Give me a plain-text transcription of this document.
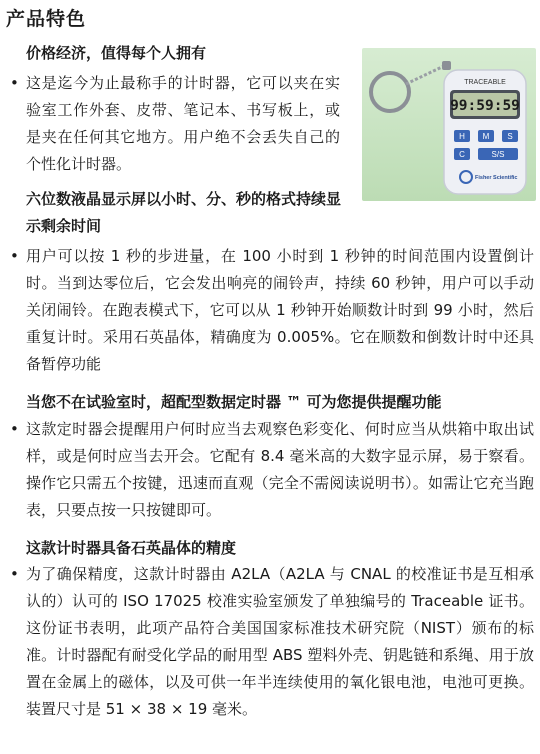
产品特色
价格经济，值得每个人拥有
• 这是迄今为止最称手的计时器，它可以夹在实验室工作外套、皮带、笔记本、书写板上，或是夹在任何其它地方。用户绝不会丢失自己的个性化计时器。
TRACEABLE
99:59:59
H M S
C	S/S
Fisher Scientific
六位数液晶显示屏以小时、分、秒的格式持续显示剩余时间
• 用户可以按 1 秒的步进量，在 100 小时到 1 秒钟的时间范围内设置倒计时。当到达零位后，它会发出响亮的闹铃声，持续 60 秒钟，用户可以手动关闭闹铃。在跑表模式下，它可以从 1 秒钟开始顺数计时到 99 小时，然后重复计时。采用石英晶体，精确度为 0.005%。它在顺数和倒数计时中还具备暂停功能
当您不在试验室时，超配型数据定时器 ™ 可为您提供提醒功能
• 这款定时器会提醒用户何时应当去观察色彩变化、何时应当从烘箱中取出试样，或是何时应当去开会。它配有 8.4 毫米高的大数字显示屏，易于察看。操作它只需五个按键，迅速而直观（完全不需阅读说明书）。如需让它充当跑表，只要点按一只按键即可。
这款计时器具备石英晶体的精度
• 为了确保精度，这款计时器由 A2LA（A2LA 与 CNAL 的校准证书是互相承认的）认可的 ISO 17025 校准实验室颁发了单独编号的 Traceable 证书。这份证书表明，此项产品符合美国国家标准技术研究院（NIST）颁布的标准。计时器配有耐受化学品的耐用型 ABS 塑料外壳、钥匙链和系绳、用于放置在金属上的磁体，以及可供一年半连续使用的氧化银电池，电池可更换。装置尺寸是 51 × 38 × 19 毫米。
